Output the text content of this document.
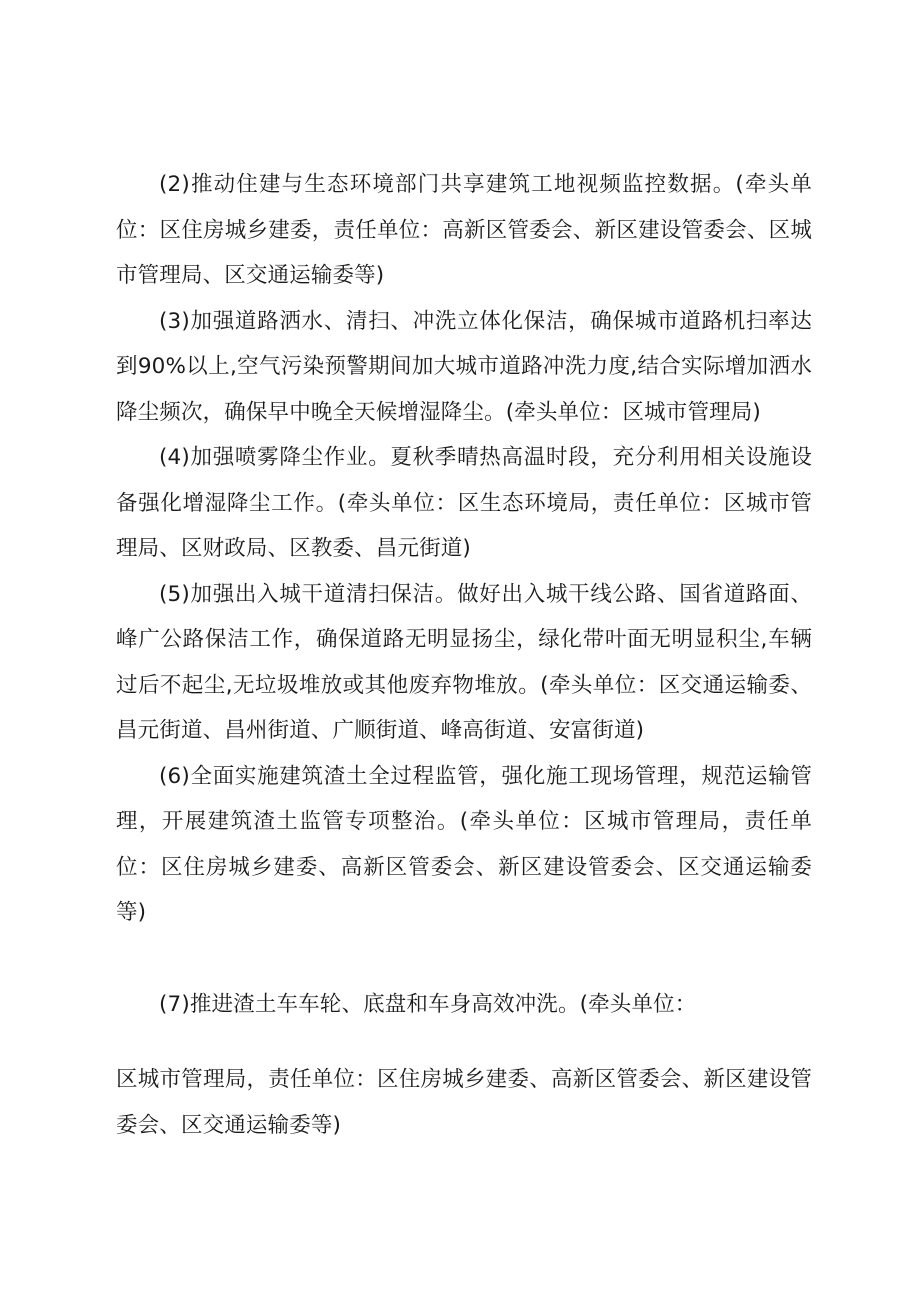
(2)推动住建与生态环境部门共享建筑工地视频监控数据。(牵头单位：区住房城乡建委，责任单位：高新区管委会、新区建设管委会、区城市管理局、区交通运输委等)

(3)加强道路洒水、清扫、冲洗立体化保洁，确保城市道路机扫率达到90%以上,空气污染预警期间加大城市道路冲洗力度,结合实际增加洒水降尘频次，确保早中晚全天候增湿降尘。(牵头单位：区城市管理局)

(4)加强喷雾降尘作业。夏秋季晴热高温时段，充分利用相关设施设备强化增湿降尘工作。(牵头单位：区生态环境局，责任单位：区城市管理局、区财政局、区教委、昌元街道)

(5)加强出入城干道清扫保洁。做好出入城干线公路、国省道路面、峰广公路保洁工作，确保道路无明显扬尘，绿化带叶面无明显积尘,车辆过后不起尘,无垃圾堆放或其他废弃物堆放。(牵头单位：区交通运输委、昌元街道、昌州街道、广顺街道、峰高街道、安富街道)

(6)全面实施建筑渣土全过程监管，强化施工现场管理，规范运输管理，开展建筑渣土监管专项整治。(牵头单位：区城市管理局，责任单位：区住房城乡建委、高新区管委会、新区建设管委会、区交通运输委等)

(7)推进渣土车车轮、底盘和车身高效冲洗。(牵头单位：

区城市管理局，责任单位：区住房城乡建委、高新区管委会、新区建设管委会、区交通运输委等)
